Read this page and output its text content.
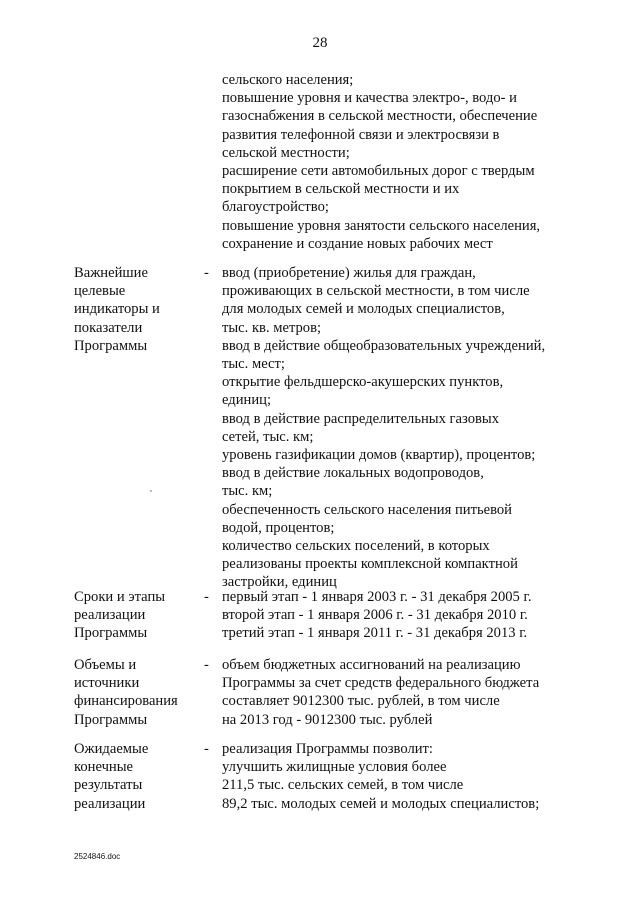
28
сельского населения;
повышение уровня и качества электро-, водо- и
газоснабжения в сельской местности, обеспечение
развития телефонной связи и электросвязи в
сельской местности;
расширение сети автомобильных дорог с твердым
покрытием в сельской местности и их
благоустройство;
повышение уровня занятости сельского населения,
сохранение и создание новых рабочих мест
Важнейшие
целевые
индикаторы и
показатели
Программы
- ввод (приобретение) жилья для граждан,
проживающих в сельской местности, в том числе
для молодых семей и молодых специалистов,
тыс. кв. метров;
ввод в действие общеобразовательных учреждений,
тыс. мест;
открытие фельдшерско-акушерских пунктов,
единиц;
ввод в действие распределительных газовых
сетей, тыс. км;
уровень газификации домов (квартир), процентов;
ввод в действие локальных водопроводов,
тыс. км;
обеспеченность сельского населения питьевой
водой, процентов;
количество сельских поселений, в которых
реализованы проекты комплексной компактной
застройки, единиц
Сроки и этапы
реализации
Программы
- первый этап - 1 января 2003 г. - 31 декабря 2005 г.
второй этап - 1 января 2006 г. - 31 декабря 2010 г.
третий этап - 1 января 2011 г. - 31 декабря 2013 г.
Объемы и
источники
финансирования
Программы
- объем бюджетных ассигнований на реализацию
Программы за счет средств федерального бюджета
составляет 9012300 тыс. рублей, в том числе
на 2013 год - 9012300 тыс. рублей
Ожидаемые
конечные
результаты
реализации
- реализация Программы позволит:
улучшить жилищные условия более
211,5 тыс. сельских семей, в том числе
89,2 тыс. молодых семей и молодых специалистов;
2524846.doc
